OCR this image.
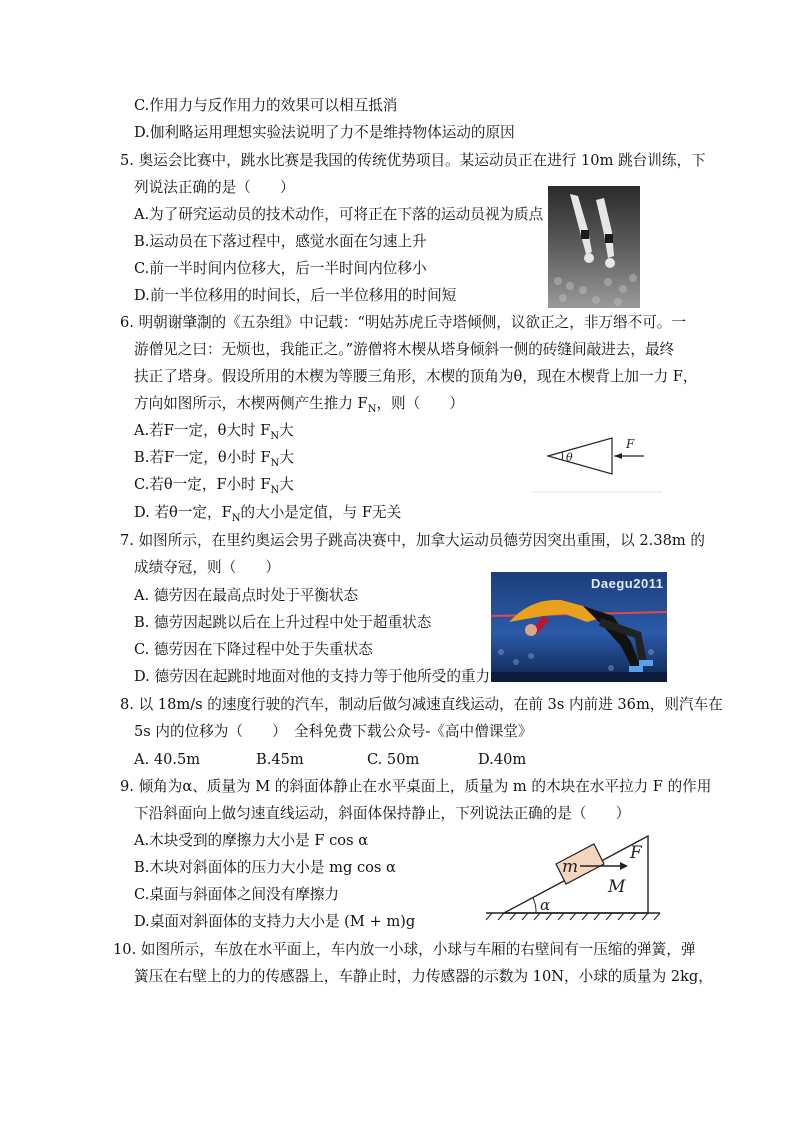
C.作用力与反作用力的效果可以相互抵消
D.伽利略运用理想实验法说明了力不是维持物体运动的原因
5. 奥运会比赛中，跳水比赛是我国的传统优势项目。某运动员正在进行 10m 跳台训练，下
列说法正确的是（　　）
A.为了研究运动员的技术动作，可将正在下落的运动员视为质点
B.运动员在下落过程中，感觉水面在匀速上升
C.前一半时间内位移大，后一半时间内位移小
D.前一半位移用的时间长，后一半位移用的时间短
6. 明朝谢肇淛的《五杂组》中记载：“明姑苏虎丘寺塔倾侧，议欲正之，非万缗不可。一
游僧见之曰：无烦也，我能正之。”游僧将木楔从塔身倾斜一侧的砖缝间敲进去，最终
扶正了塔身。假设所用的木楔为等腰三角形，木楔的顶角为θ，现在木楔背上加一力 F，
方向如图所示，木楔两侧产生推力 $F_N$，则（　　）
A.若F一定，θ大时 $F_N$大
B.若F一定，θ小时 $F_N$大
C.若θ一定，F小时 $F_N$大
D. 若θ一定，$F_N$的大小是定值，与 F无关
θ
F
7. 如图所示，在里约奥运会男子跳高决赛中，加拿大运动员德劳因突出重围，以 2.38m 的
成绩夺冠，则（　　）
A. 德劳因在最高点时处于平衡状态
B. 德劳因起跳以后在上升过程中处于超重状态
C. 德劳因在下降过程中处于失重状态
D. 德劳因在起跳时地面对他的支持力等于他所受的重力
Daegu2011
8. 以 18m/s 的速度行驶的汽车，制动后做匀减速直线运动，在前 3s 内前进 36m，则汽车在
5s 内的位移为（　　）　全科免费下载公众号-《高中僧课堂》
A. 40.5m	B.45m	C. 50m	D.40m
9. 倾角为α、质量为 M 的斜面体静止在水平桌面上，质量为 m 的木块在水平拉力 F 的作用
下沿斜面向上做匀速直线运动，斜面体保持静止，下列说法正确的是（　　）
A.木块受到的摩擦力大小是 F cos α
B.木块对斜面体的压力大小是 mg cos α
C.桌面与斜面体之间没有摩擦力
D.桌面对斜面体的支持力大小是 (M + m)g
m
F
M
α
10. 如图所示，车放在水平面上，车内放一小球，小球与车厢的右壁间有一压缩的弹簧，弹
簧压在右壁上的力的传感器上，车静止时，力传感器的示数为 10N，小球的质量为 2kg，
